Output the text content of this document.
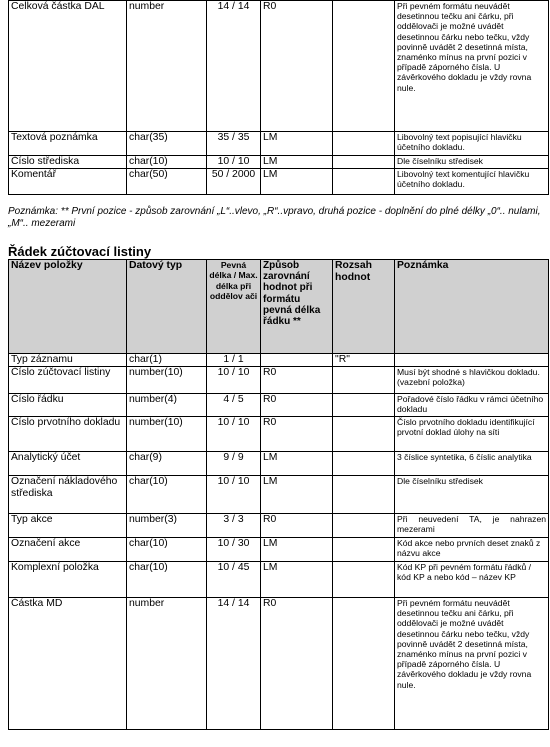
Celková částka DAL	number	14 / 14	R0		Při pevném formátu neuvádět desetinnou tečku ani čárku, při oddělovači je možné uvádět desetinnou čárku nebo tečku, vždy povinně uvádět 2 desetinná místa, znaménko mínus na první pozici v případě záporného čísla. U závěrkového dokladu je vždy rovna nule.
Textová poznámka	char(35)	35 / 35	LM		Libovolný text popisující hlavičku účetního dokladu.
Číslo střediska	char(10)	10 / 10	LM		Dle číselníku středisek
Komentář	char(50)	50 / 2000	LM		Libovolný text komentující hlavičku účetního dokladu.
Poznámka: ** První pozice - způsob zarovnání „L“..vlevo, „R“..vpravo, druhá pozice - doplnění do plné délky „0“.. nulami, „M“.. mezerami
Řádek zúčtovací listiny
Název položky	Datový typ	Pevná délka / Max. délka při oddělov ači	Způsob zarovnání hodnot při formátu pevná délka řádku **	Rozsah hodnot	Poznámka
Typ záznamu	char(1)	1 / 1		"R"	
Číslo zúčtovací listiny	number(10)	10 / 10	R0		Musí být shodné s hlavičkou dokladu. (vazební položka)
Číslo řádku	number(4)	4 / 5	R0		Pořadové číslo řádku v rámci účetního dokladu
Číslo prvotního dokladu	number(10)	10 / 10	R0		Číslo prvotního dokladu identifikující prvotní doklad úlohy na síti
Analytický účet	char(9)	9 / 9	LM		3 číslice syntetika, 6 číslic analytika
Označení nákladového střediska	char(10)	10 / 10	LM		Dle číselníku středisek
Typ akce	number(3)	3 / 3	R0		Při neuvedení TA, je nahrazen mezerami
Označení akce	char(10)	10 / 30	LM		Kód akce nebo prvních deset znaků z názvu akce
Komplexní položka	char(10)	10 / 45	LM		Kód KP při pevném formátu řádků / kód KP a nebo kód – název KP
Částka MD	number	14 / 14	R0		Při pevném formátu neuvádět desetinnou tečku ani čárku, při oddělovači je možné uvádět desetinnou čárku nebo tečku, vždy povinně uvádět 2 desetinná místa, znaménko mínus na první pozici v případě záporného čísla. U závěrkového dokladu je vždy rovna nule.
